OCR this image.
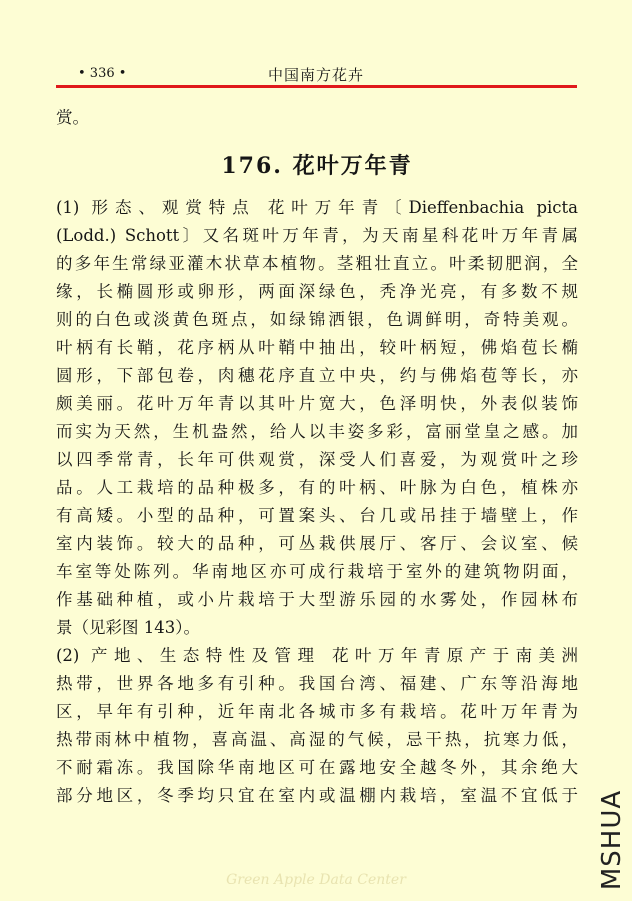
• 336 •	中国南方花卉
赏。
176. 花叶万年青
(1) 形态、观赏特点 花叶万年青〔Dieffenbachia picta
(Lodd.) Schott〕又名斑叶万年青，为天南星科花叶万年青属
的多年生常绿亚灌木状草本植物。茎粗壮直立。叶柔韧肥润，全
缘，长椭圆形或卵形，两面深绿色，秃净光亮，有多数不规
则的白色或淡黄色斑点，如绿锦洒银，色调鲜明，奇特美观。
叶柄有长鞘，花序柄从叶鞘中抽出，较叶柄短，佛焰苞长椭
圆形，下部包卷，肉穗花序直立中央，约与佛焰苞等长，亦
颇美丽。花叶万年青以其叶片宽大，色泽明快，外表似装饰
而实为天然，生机盎然，给人以丰姿多彩，富丽堂皇之感。加
以四季常青，长年可供观赏，深受人们喜爱，为观赏叶之珍
品。人工栽培的品种极多，有的叶柄、叶脉为白色，植株亦
有高矮。小型的品种，可置案头、台几或吊挂于墙壁上，作
室内装饰。较大的品种，可丛栽供展厅、客厅、会议室、候
车室等处陈列。华南地区亦可成行栽培于室外的建筑物阴面，
作基础种植，或小片栽培于大型游乐园的水雾处，作园林布
景（见彩图 143）。
(2) 产地、生态特性及管理 花叶万年青原产于南美洲
热带，世界各地多有引种。我国台湾、福建、广东等沿海地
区，早年有引种，近年南北各城市多有栽培。花叶万年青为
热带雨林中植物，喜高温、高湿的气候，忌干热，抗寒力低，
不耐霜冻。我国除华南地区可在露地安全越冬外，其余绝大
部分地区，冬季均只宜在室内或温棚内栽培，室温不宜低于
Green Apple Data Center	MSHUA
